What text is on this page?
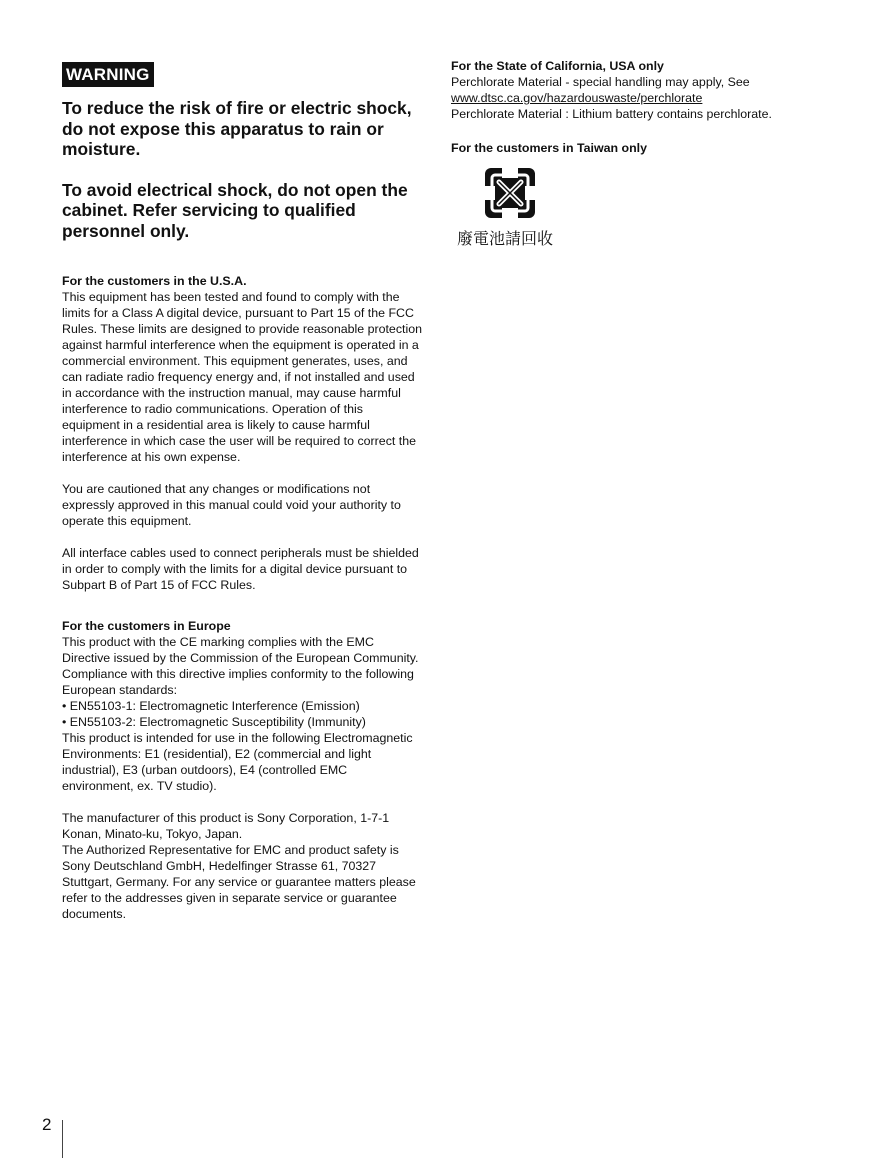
WARNING

To reduce the risk of fire or electric shock, do not expose this apparatus to rain or moisture.

To avoid electrical shock, do not open the cabinet. Refer servicing to qualified personnel only.

For the customers in the U.S.A.

This equipment has been tested and found to comply with the limits for a Class A digital device, pursuant to Part 15 of the FCC Rules. These limits are designed to provide reasonable protection against harmful interference when the equipment is operated in a commercial environment. This equipment generates, uses, and can radiate radio frequency energy and, if not installed and used in accordance with the instruction manual, may cause harmful interference to radio communications. Operation of this equipment in a residential area is likely to cause harmful interference in which case the user will be required to correct the interference at his own expense.

You are cautioned that any changes or modifications not expressly approved in this manual could void your authority to operate this equipment.

All interface cables used to connect peripherals must be shielded in order to comply with the limits for a digital device pursuant to Subpart B of Part 15 of FCC Rules.

For the customers in Europe

This product with the CE marking complies with the EMC Directive issued by the Commission of the European Community.
Compliance with this directive implies conformity to the following European standards:
• EN55103-1: Electromagnetic Interference (Emission)
• EN55103-2: Electromagnetic Susceptibility (Immunity)
This product is intended for use in the following Electromagnetic Environments: E1 (residential), E2 (commercial and light industrial), E3 (urban outdoors), E4 (controlled EMC environment, ex. TV studio).

The manufacturer of this product is Sony Corporation, 1-7-1 Konan, Minato-ku, Tokyo, Japan.
The Authorized Representative for EMC and product safety is Sony Deutschland GmbH, Hedelfinger Strasse 61, 70327 Stuttgart, Germany. For any service or guarantee matters please refer to the addresses given in separate service or guarantee documents.

For the State of California, USA only

Perchlorate Material - special handling may apply, See

www.dtsc.ca.gov/hazardouswaste/perchlorate

Perchlorate Material : Lithium battery contains perchlorate.

For the customers in Taiwan only

廢電池請回收
2
